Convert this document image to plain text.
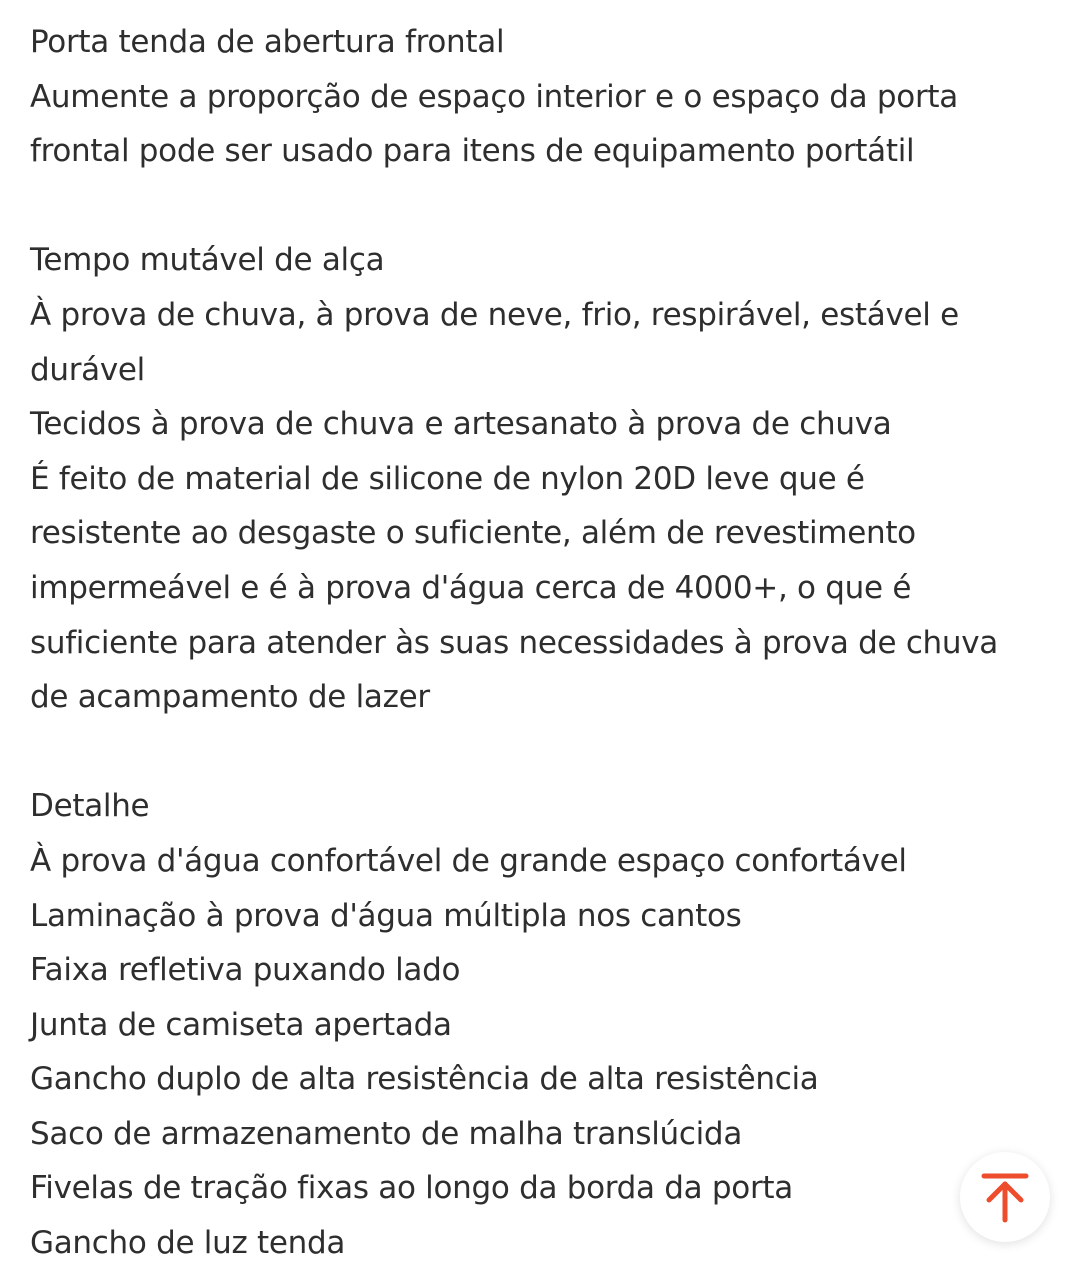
Porta tenda de abertura frontal
Aumente a proporção de espaço interior e o espaço da porta
frontal pode ser usado para itens de equipamento portátil
Tempo mutável de alça
À prova de chuva, à prova de neve, frio, respirável, estável e
durável
Tecidos à prova de chuva e artesanato à prova de chuva
É feito de material de silicone de nylon 20D leve que é
resistente ao desgaste o suficiente, além de revestimento
impermeável e é à prova d'água cerca de 4000+, o que é
suficiente para atender às suas necessidades à prova de chuva
de acampamento de lazer
Detalhe
À prova d'água confortável de grande espaço confortável
Laminação à prova d'água múltipla nos cantos
Faixa refletiva puxando lado
Junta de camiseta apertada
Gancho duplo de alta resistência de alta resistência
Saco de armazenamento de malha translúcida
Fivelas de tração fixas ao longo da borda da porta
Gancho de luz tenda
